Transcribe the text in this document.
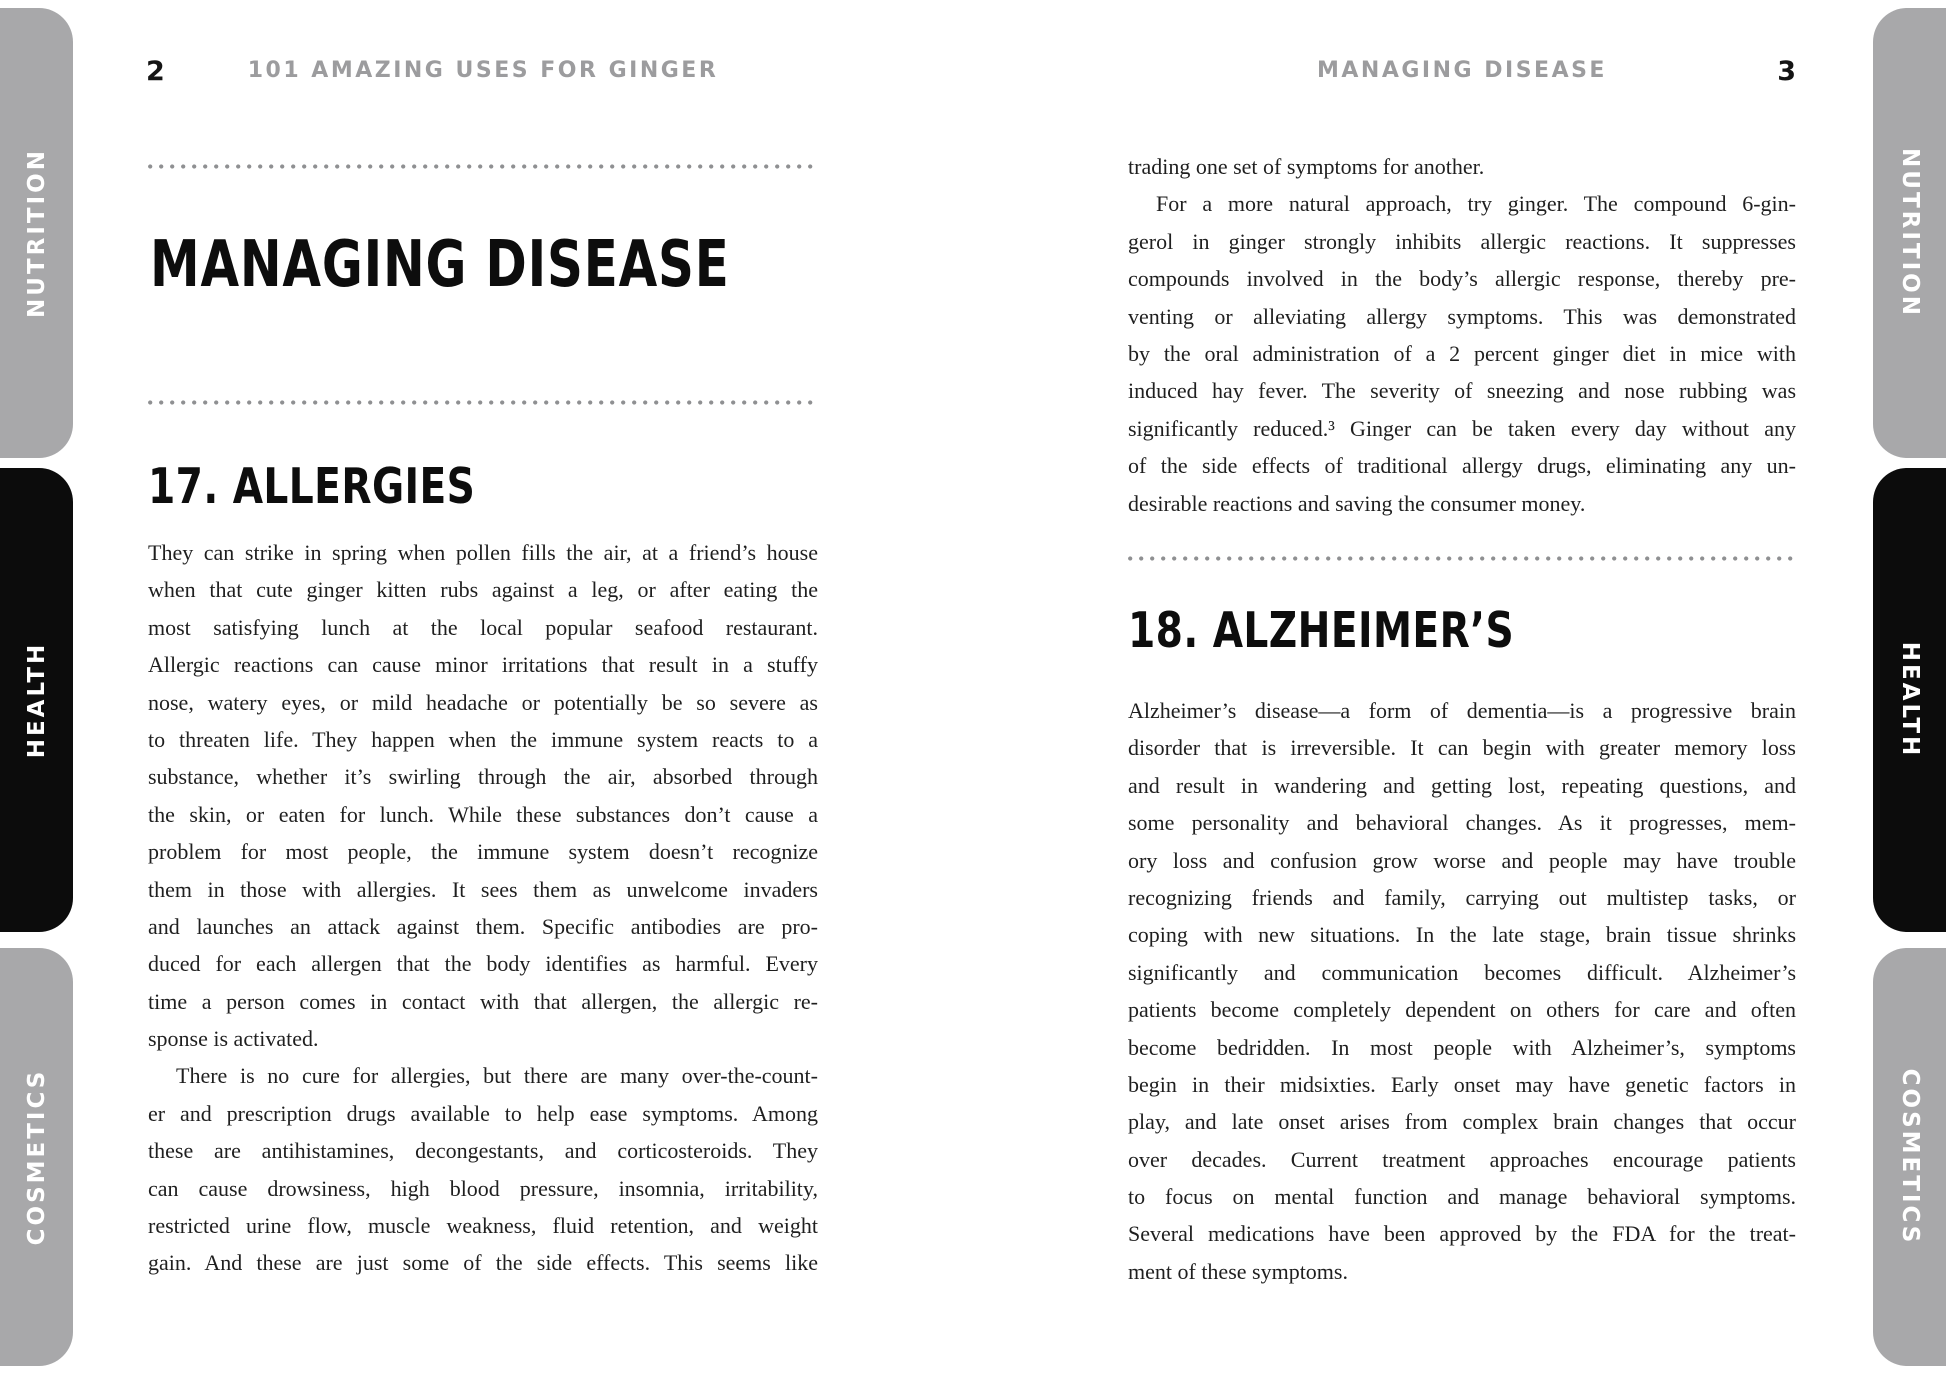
NUTRITION
HEALTH
COSMETICS
NUTRITION
HEALTH
COSMETICS
2	101 AMAZING USES FOR GINGER
MANAGING DISEASE
17. ALLERGIES
They can strike in spring when pollen fills the air, at a friend’s house
when that cute ginger kitten rubs against a leg, or after eating the
most satisfying lunch at the local popular seafood restaurant.
Allergic reactions can cause minor irritations that result in a stuffy
nose, watery eyes, or mild headache or potentially be so severe as
to threaten life. They happen when the immune system reacts to a
substance, whether it’s swirling through the air, absorbed through
the skin, or eaten for lunch. While these substances don’t cause a
problem for most people, the immune system doesn’t recognize
them in those with allergies. It sees them as unwelcome invaders
and launches an attack against them. Specific antibodies are pro-
duced for each allergen that the body identifies as harmful. Every
time a person comes in contact with that allergen, the allergic re-
sponse is activated.
There is no cure for allergies, but there are many over-the-count-
er and prescription drugs available to help ease symptoms. Among
these are antihistamines, decongestants, and corticosteroids. They
can cause drowsiness, high blood pressure, insomnia, irritability,
restricted urine flow, muscle weakness, fluid retention, and weight
gain. And these are just some of the side effects. This seems like
MANAGING DISEASE	3
trading one set of symptoms for another.
For a more natural approach, try ginger. The compound 6-gin-
gerol in ginger strongly inhibits allergic reactions. It suppresses
compounds involved in the body’s allergic response, thereby pre-
venting or alleviating allergy symptoms. This was demonstrated
by the oral administration of a 2 percent ginger diet in mice with
induced hay fever. The severity of sneezing and nose rubbing was
significantly reduced.³ Ginger can be taken every day without any
of the side effects of traditional allergy drugs, eliminating any un-
desirable reactions and saving the consumer money.
18. ALZHEIMER’S
Alzheimer’s disease—a form of dementia—is a progressive brain
disorder that is irreversible. It can begin with greater memory loss
and result in wandering and getting lost, repeating questions, and
some personality and behavioral changes. As it progresses, mem-
ory loss and confusion grow worse and people may have trouble
recognizing friends and family, carrying out multistep tasks, or
coping with new situations. In the late stage, brain tissue shrinks
significantly and communication becomes difficult. Alzheimer’s
patients become completely dependent on others for care and often
become bedridden. In most people with Alzheimer’s, symptoms
begin in their midsixties. Early onset may have genetic factors in
play, and late onset arises from complex brain changes that occur
over decades. Current treatment approaches encourage patients
to focus on mental function and manage behavioral symptoms.
Several medications have been approved by the FDA for the treat-
ment of these symptoms.
